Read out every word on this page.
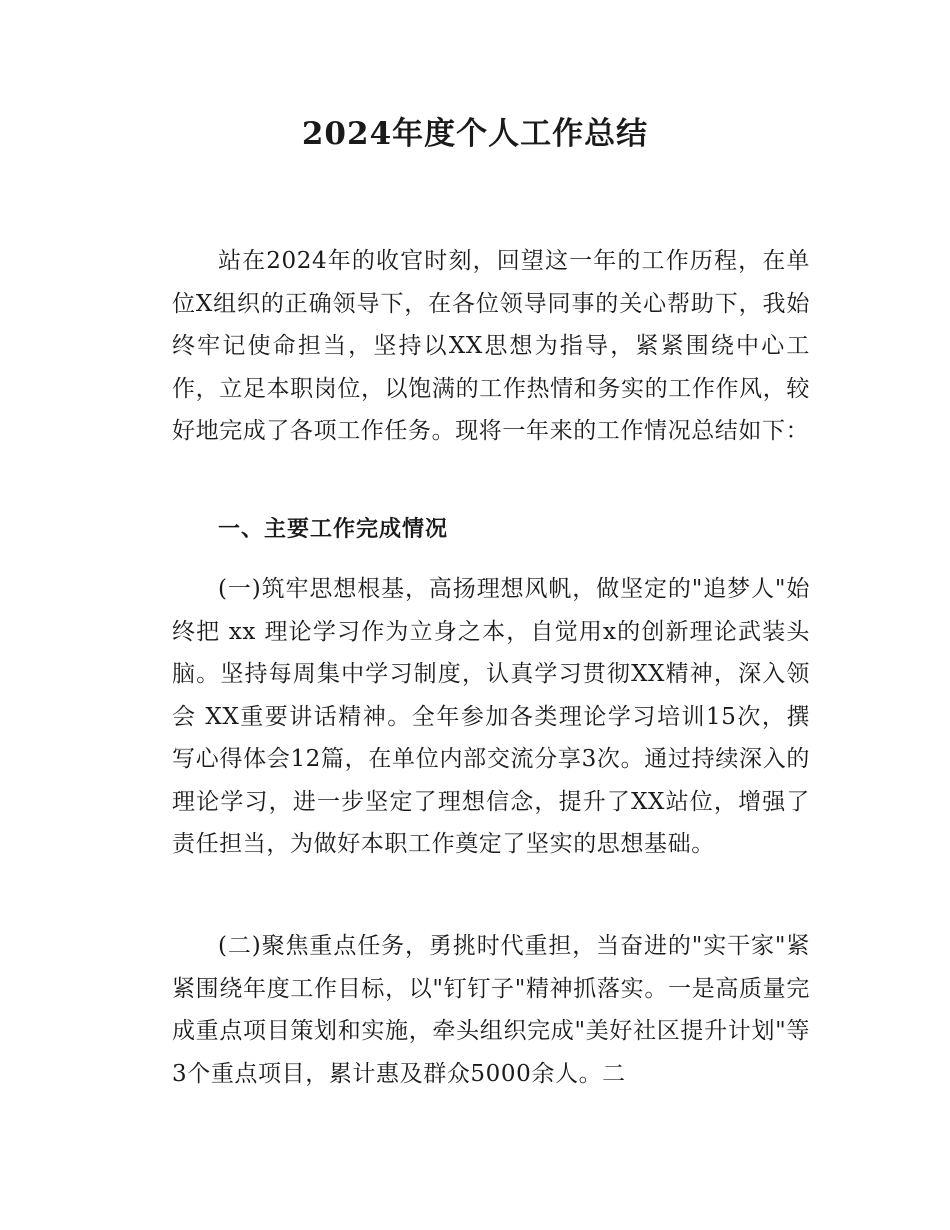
2024年度个人工作总结

站在2024年的收官时刻，回望这一年的工作历程，在单位X组织的正确领导下，在各位领导同事的关心帮助下，我始终牢记使命担当，坚持以XX思想为指导，紧紧围绕中心工作，立足本职岗位，以饱满的工作热情和务实的工作作风，较好地完成了各项工作任务。现将一年来的工作情况总结如下：

一、主要工作完成情况

(一)筑牢思想根基，高扬理想风帆，做坚定的"追梦人"始终把 xx 理论学习作为立身之本，自觉用x的创新理论武装头脑。坚持每周集中学习制度，认真学习贯彻XX精神，深入领会 XX重要讲话精神。全年参加各类理论学习培训15次，撰写心得体会12篇，在单位内部交流分享3次。通过持续深入的理论学习，进一步坚定了理想信念，提升了XX站位，增强了责任担当，为做好本职工作奠定了坚实的思想基础。

(二)聚焦重点任务，勇挑时代重担，当奋进的"实干家"紧紧围绕年度工作目标，以"钉钉子"精神抓落实。一是高质量完成重点项目策划和实施，牵头组织完成"美好社区提升计划"等3个重点项目，累计惠及群众5000余人。二
